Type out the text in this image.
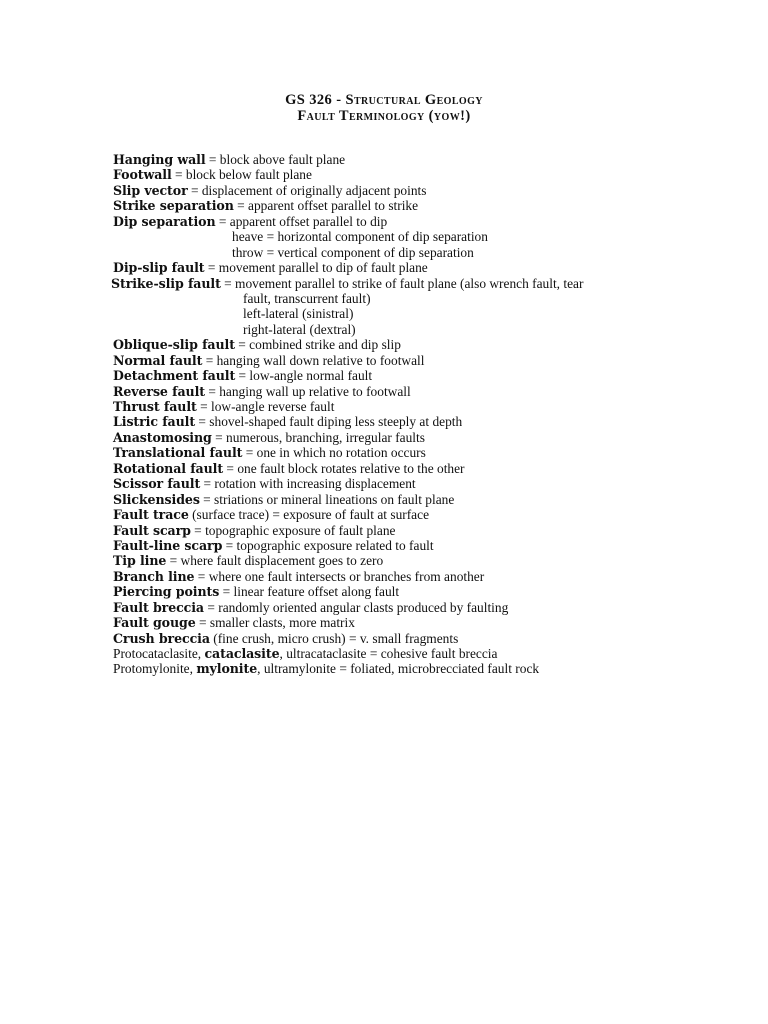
GS 326 - Structural Geology
Fault Terminology (yow!)
Hanging wall = block above fault plane
Footwall = block below fault plane
Slip vector = displacement of originally adjacent points
Strike separation = apparent offset parallel to strike
Dip separation = apparent offset parallel to dip
heave = horizontal component of dip separation
throw = vertical component of dip separation
Dip-slip fault = movement parallel to dip of fault plane
Strike-slip fault = movement parallel to strike of fault plane (also wrench fault, tear
fault, transcurrent fault)
left-lateral (sinistral)
right-lateral (dextral)
Oblique-slip fault = combined strike and dip slip
Normal fault = hanging wall down relative to footwall
Detachment fault = low-angle normal fault
Reverse fault = hanging wall up relative to footwall
Thrust fault = low-angle reverse fault
Listric fault = shovel-shaped fault diping less steeply at depth
Anastomosing = numerous, branching, irregular faults
Translational fault = one in which no rotation occurs
Rotational fault = one fault block rotates relative to the other
Scissor fault = rotation with increasing displacement
Slickensides = striations or mineral lineations on fault plane
Fault trace (surface trace) = exposure of fault at surface
Fault scarp = topographic exposure of fault plane
Fault-line scarp = topographic exposure related to fault
Tip line = where fault displacement goes to zero
Branch line = where one fault intersects or branches from another
Piercing points = linear feature offset along fault
Fault breccia = randomly oriented angular clasts produced by faulting
Fault gouge = smaller clasts, more matrix
Crush breccia (fine crush, micro crush) = v. small fragments
Protocataclasite, cataclasite, ultracataclasite = cohesive fault breccia
Protomylonite, mylonite, ultramylonite = foliated, microbrecciated fault rock
